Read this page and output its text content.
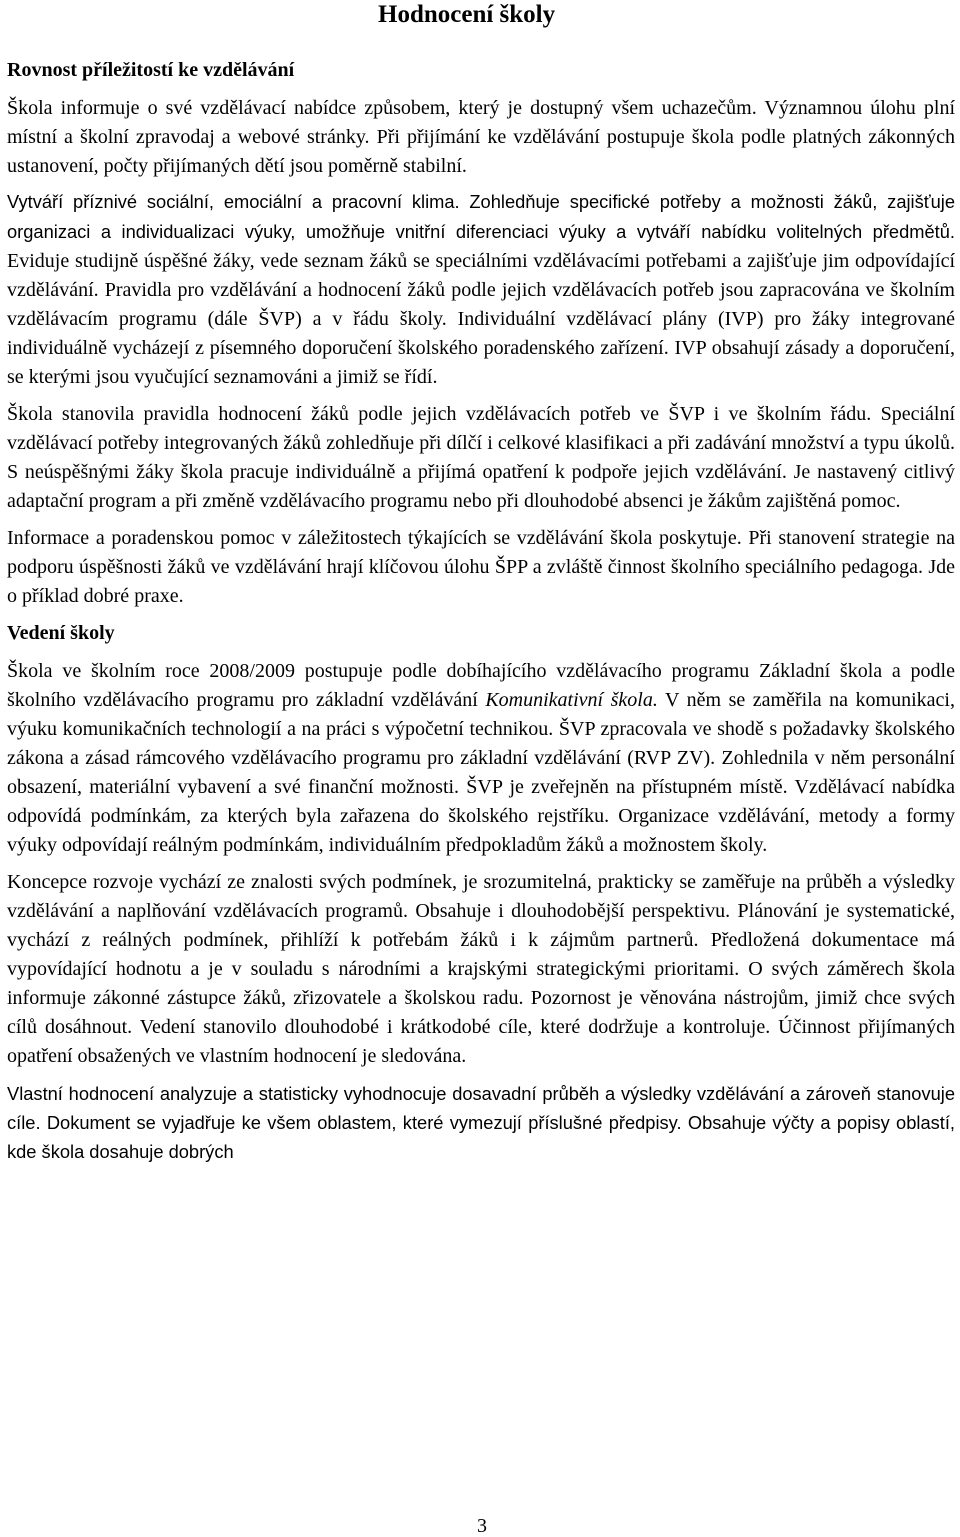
Hodnocení školy
Rovnost příležitostí ke vzdělávání

Škola informuje o své vzdělávací nabídce způsobem, který je dostupný všem uchazečům. Významnou úlohu plní místní a školní zpravodaj a webové stránky. Při přijímání ke vzdělávání postupuje škola podle platných zákonných ustanovení, počty přijímaných dětí jsou poměrně stabilní.

Vytváří příznivé sociální, emociální a pracovní klima. Zohledňuje specifické potřeby a možnosti žáků, zajišťuje organizaci a individualizaci výuky, umožňuje vnitřní diferenciaci výuky a vytváří nabídku volitelných předmětů. Eviduje studijně úspěšné žáky, vede seznam žáků se speciálními vzdělávacími potřebami a zajišťuje jim odpovídající vzdělávání. Pravidla pro vzdělávání a hodnocení žáků podle jejich vzdělávacích potřeb jsou zapracována ve školním vzdělávacím programu (dále ŠVP) a v řádu školy. Individuální vzdělávací plány (IVP) pro žáky integrované individuálně vycházejí z písemného doporučení školského poradenského zařízení. IVP obsahují zásady a doporučení, se kterými jsou vyučující seznamováni a jimiž se řídí.

Škola stanovila pravidla hodnocení žáků podle jejich vzdělávacích potřeb ve ŠVP i ve školním řádu. Speciální vzdělávací potřeby integrovaných žáků zohledňuje při dílčí i celkové klasifikaci a při zadávání množství a typu úkolů. S neúspěšnými žáky škola pracuje individuálně a přijímá opatření k podpoře jejich vzdělávání. Je nastavený citlivý adaptační program a při změně vzdělávacího programu nebo při dlouhodobé absenci je žákům zajištěná pomoc.

Informace a poradenskou pomoc v záležitostech týkajících se vzdělávání škola poskytuje. Při stanovení strategie na podporu úspěšnosti žáků ve vzdělávání hrají klíčovou úlohu ŠPP a zvláště činnost školního speciálního pedagoga. Jde o příklad dobré praxe.

Vedení školy

Škola ve školním roce 2008/2009 postupuje podle dobíhajícího vzdělávacího programu Základní škola a podle školního vzdělávacího programu pro základní vzdělávání Komunikativní škola. V něm se zaměřila na komunikaci, výuku komunikačních technologií a na práci s výpočetní technikou. ŠVP zpracovala ve shodě s požadavky školského zákona a zásad rámcového vzdělávacího programu pro základní vzdělávání (RVP ZV). Zohlednila v něm personální obsazení, materiální vybavení a své finanční možnosti. ŠVP je zveřejněn na přístupném místě. Vzdělávací nabídka odpovídá podmínkám, za kterých byla zařazena do školského rejstříku. Organizace vzdělávání, metody a formy výuky odpovídají reálným podmínkám, individuálním předpokladům žáků a možnostem školy.

Koncepce rozvoje vychází ze znalosti svých podmínek, je srozumitelná, prakticky se zaměřuje na průběh a výsledky vzdělávání a naplňování vzdělávacích programů. Obsahuje i dlouhodobější perspektivu. Plánování je systematické, vychází z reálných podmínek, přihlíží k potřebám žáků i k zájmům partnerů. Předložená dokumentace má vypovídající hodnotu a je v souladu s národními a krajskými strategickými prioritami. O svých záměrech škola informuje zákonné zástupce žáků, zřizovatele a školskou radu. Pozornost je věnována nástrojům, jimiž chce svých cílů dosáhnout. Vedení stanovilo dlouhodobé i krátkodobé cíle, které dodržuje a kontroluje. Účinnost přijímaných opatření obsažených ve vlastním hodnocení je sledována.

Vlastní hodnocení analyzuje a statisticky vyhodnocuje dosavadní průběh a výsledky vzdělávání a zároveň stanovuje cíle. Dokument se vyjadřuje ke všem oblastem, které vymezují příslušné předpisy. Obsahuje výčty a popisy oblastí, kde škola dosahuje dobrých

3
